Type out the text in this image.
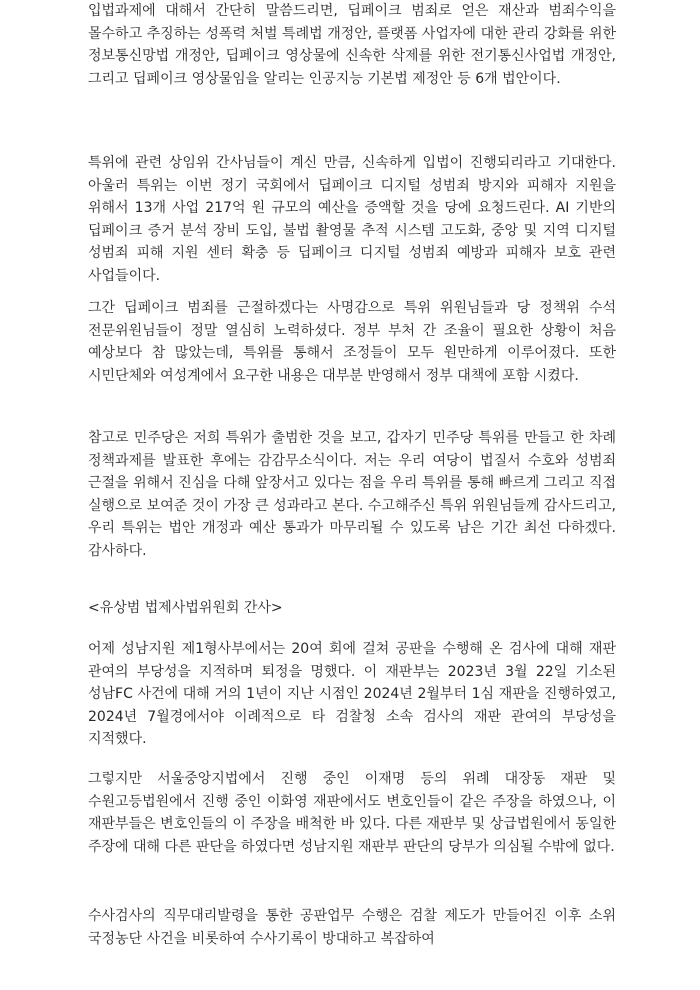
입법과제에 대해서 간단히 말씀드리면, 딥페이크 범죄로 얻은 재산과 범죄수익을 몰수하고 추징하는 성폭력 처벌 특례법 개정안, 플랫폼 사업자에 대한 관리 강화를 위한 정보통신망법 개정안, 딥페이크 영상물에 신속한 삭제를 위한 전기통신사업법 개정안, 그리고 딥페이크 영상물임을 알리는 인공지능 기본법 제정안 등 6개 법안이다.

특위에 관련 상임위 간사님들이 계신 만큼, 신속하게 입법이 진행되리라고 기대한다. 아울러 특위는 이번 정기 국회에서 딥페이크 디지털 성범죄 방지와 피해자 지원을 위해서 13개 사업 217억 원 규모의 예산을 증액할 것을 당에 요청드린다. AI 기반의 딥페이크 증거 분석 장비 도입, 불법 촬영물 추적 시스템 고도화, 중앙 및 지역 디지털 성범죄 피해 지원 센터 확충 등 딥페이크 디지털 성범죄 예방과 피해자 보호 관련 사업들이다.

그간 딥페이크 범죄를 근절하겠다는 사명감으로 특위 위원님들과 당 정책위 수석 전문위원님들이 정말 열심히 노력하셨다. 정부 부처 간 조율이 필요한 상황이 처음 예상보다 참 많았는데, 특위를 통해서 조정들이 모두 원만하게 이루어졌다. 또한 시민단체와 여성계에서 요구한 내용은 대부분 반영해서 정부 대책에 포함 시켰다.

참고로 민주당은 저희 특위가 출범한 것을 보고, 갑자기 민주당 특위를 만들고 한 차례 정책과제를 발표한 후에는 감감무소식이다. 저는 우리 여당이 법질서 수호와 성범죄 근절을 위해서 진심을 다해 앞장서고 있다는 점을 우리 특위를 통해 빠르게 그리고 직접 실행으로 보여준 것이 가장 큰 성과라고 본다. 수고해주신 특위 위원님들께 감사드리고, 우리 특위는 법안 개정과 예산 통과가 마무리될 수 있도록 남은 기간 최선 다하겠다. 감사하다.

<유상범 법제사법위원회 간사>

어제 성남지원 제1형사부에서는 20여 회에 걸쳐 공판을 수행해 온 검사에 대해 재판 관여의 부당성을 지적하며 퇴정을 명했다. 이 재판부는 2023년 3월 22일 기소된 성남FC 사건에 대해 거의 1년이 지난 시점인 2024년 2월부터 1심 재판을 진행하였고, 2024년 7월경에서야 이례적으로 타 검찰청 소속 검사의 재판 관여의 부당성을 지적했다.

그렇지만 서울중앙지법에서 진행 중인 이재명 등의 위례 대장동 재판 및 수원고등법원에서 진행 중인 이화영 재판에서도 변호인들이 같은 주장을 하였으나, 이 재판부들은 변호인들의 이 주장을 배척한 바 있다. 다른 재판부 및 상급법원에서 동일한 주장에 대해 다른 판단을 하였다면 성남지원 재판부 판단의 당부가 의심될 수밖에 없다.

수사검사의 직무대리발령을 통한 공판업무 수행은 검찰 제도가 만들어진 이후 소위 국정농단 사건을 비롯하여 수사기록이 방대하고 복잡하여
